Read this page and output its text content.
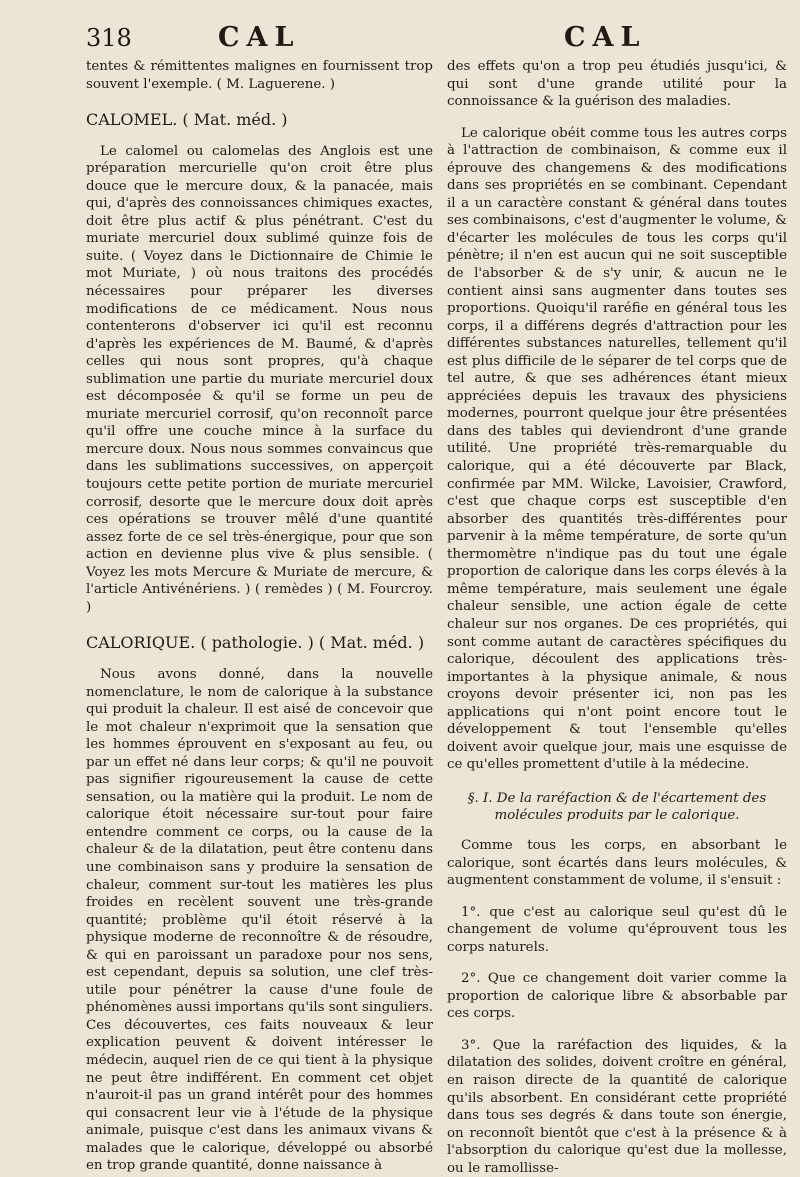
318	CAL	CAL

tentes & rémittentes malignes en fournissent trop souvent l'exemple. ( M. Laguerene. )

CALOMEL. ( Mat. méd. )

Le calomel ou calomelas des Anglois est une préparation mercurielle qu'on croit être plus douce que le mercure doux, & la panacée, mais qui, d'après des connoissances chimiques exactes, doit être plus actif & plus pénétrant. C'est du muriate mercuriel doux sublimé quinze fois de suite. ( Voyez dans le Dictionnaire de Chimie le mot Muriate, ) où nous traitons des procédés nécessaires pour préparer les diverses modifications de ce médicament. Nous nous contenterons d'observer ici qu'il est reconnu d'après les expériences de M. Baumé, & d'après celles qui nous sont propres, qu'à chaque sublimation une partie du muriate mercuriel doux est décomposée & qu'il se forme un peu de muriate mercuriel corrosif, qu'on reconnoît parce qu'il offre une couche mince à la surface du mercure doux. Nous nous sommes convaincus que dans les sublimations successives, on apperçoit toujours cette petite portion de muriate mercuriel corrosif, desorte que le mercure doux doit après ces opérations se trouver mêlé d'une quantité assez forte de ce sel très-énergique, pour que son action en devienne plus vive & plus sensible. ( Voyez les mots Mercure & Muriate de mercure, & l'article Antivénériens. ) ( remèdes ) ( M. Fourcroy. )

CALORIQUE. ( pathologie. ) ( Mat. méd. )

Nous avons donné, dans la nouvelle nomenclature, le nom de calorique à la substance qui produit la chaleur. Il est aisé de concevoir que le mot chaleur n'exprimoit que la sensation que les hommes éprouvent en s'exposant au feu, ou par un effet né dans leur corps; & qu'il ne pouvoit pas signifier rigoureusement la cause de cette sensation, ou la matière qui la produit. Le nom de calorique étoit nécessaire sur-tout pour faire entendre comment ce corps, ou la cause de la chaleur & de la dilatation, peut être contenu dans une combinaison sans y produire la sensation de chaleur, comment sur-tout les matières les plus froides en recèlent souvent une très-grande quantité; problème qu'il étoit réservé à la physique moderne de reconnoître & de résoudre, & qui en paroissant un paradoxe pour nos sens, est cependant, depuis sa solution, une clef très-utile pour pénétrer la cause d'une foule de phénomènes aussi importans qu'ils sont singuliers. Ces découvertes, ces faits nouveaux & leur explication peuvent & doivent intéresser le médecin, auquel rien de ce qui tient à la physique ne peut être indifférent. En comment cet objet n'auroit-il pas un grand intérêt pour des hommes qui consacrent leur vie à l'étude de la physique animale, puisque c'est dans les animaux vivans & malades que le calorique, développé ou absorbé en trop grande quantité, donne naissance à

des effets qu'on a trop peu étudiés jusqu'ici, & qui sont d'une grande utilité pour la connoissance & la guérison des maladies.

Le calorique obéit comme tous les autres corps à l'attraction de combinaison, & comme eux il éprouve des changemens & des modifications dans ses propriétés en se combinant. Cependant il a un caractère constant & général dans toutes ses combinaisons, c'est d'augmenter le volume, & d'écarter les molécules de tous les corps qu'il pénètre; il n'en est aucun qui ne soit susceptible de l'absorber & de s'y unir, & aucun ne le contient ainsi sans augmenter dans toutes ses proportions. Quoiqu'il raréfie en général tous les corps, il a différens degrés d'attraction pour les différentes substances naturelles, tellement qu'il est plus difficile de le séparer de tel corps que de tel autre, & que ses adhérences étant mieux appréciées depuis les travaux des physiciens modernes, pourront quelque jour être présentées dans des tables qui deviendront d'une grande utilité. Une propriété très-remarquable du calorique, qui a été découverte par Black, confirmée par MM. Wilcke, Lavoisier, Crawford, c'est que chaque corps est susceptible d'en absorber des quantités très-différentes pour parvenir à la même température, de sorte qu'un thermomètre n'indique pas du tout une égale proportion de calorique dans les corps élevés à la même température, mais seulement une égale chaleur sensible, une action égale de cette chaleur sur nos organes. De ces propriétés, qui sont comme autant de caractères spécifiques du calorique, découlent des applications très-importantes à la physique animale, & nous croyons devoir présenter ici, non pas les applications qui n'ont point encore tout le développement & tout l'ensemble qu'elles doivent avoir quelque jour, mais une esquisse de ce qu'elles promettent d'utile à la médecine.

§. I. De la raréfaction & de l'écartement des molécules produits par le calorique.

Comme tous les corps, en absorbant le calorique, sont écartés dans leurs molécules, & augmentent constamment de volume, il s'ensuit :

1°. que c'est au calorique seul qu'est dû le changement de volume qu'éprouvent tous les corps naturels.

2°. Que ce changement doit varier comme la proportion de calorique libre & absorbable par ces corps.

3°. Que la raréfaction des liquides, & la dilatation des solides, doivent croître en général, en raison directe de la quantité de calorique qu'ils absorbent. En considérant cette propriété dans tous ses degrés & dans toute son énergie, on reconnoît bientôt que c'est à la présence & à l'absorption du calorique qu'est due la mollesse, ou le ramollisse-
